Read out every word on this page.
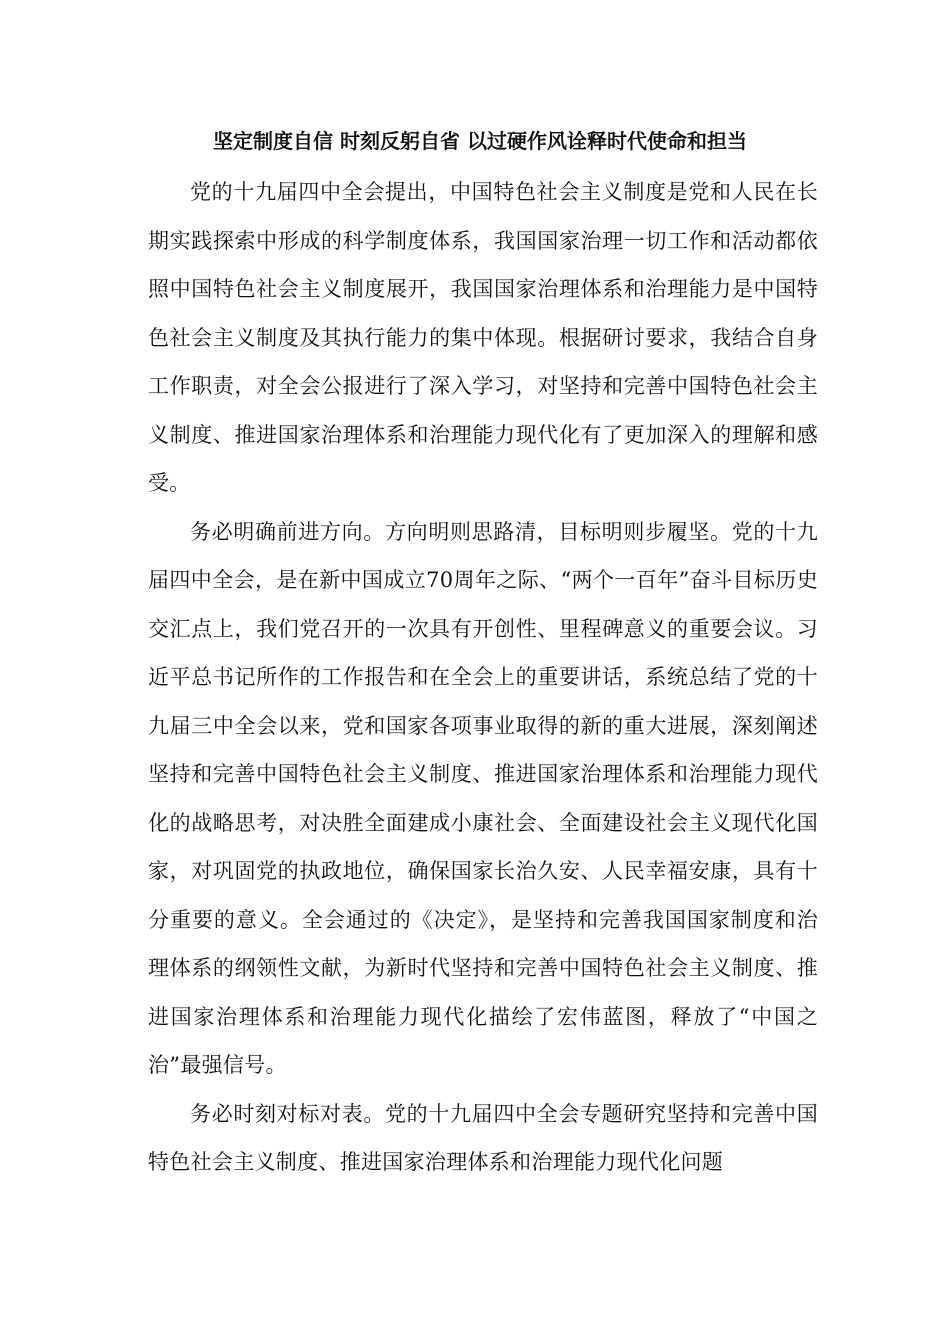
坚定制度自信 时刻反躬自省 以过硬作风诠释时代使命和担当

党的十九届四中全会提出，中国特色社会主义制度是党和人民在长期实践探索中形成的科学制度体系，我国国家治理一切工作和活动都依照中国特色社会主义制度展开，我国国家治理体系和治理能力是中国特色社会主义制度及其执行能力的集中体现。根据研讨要求，我结合自身工作职责，对全会公报进行了深入学习，对坚持和完善中国特色社会主义制度、推进国家治理体系和治理能力现代化有了更加深入的理解和感受。

务必明确前进方向。方向明则思路清，目标明则步履坚。党的十九届四中全会，是在新中国成立70周年之际、“两个一百年”奋斗目标历史交汇点上，我们党召开的一次具有开创性、里程碑意义的重要会议。习近平总书记所作的工作报告和在全会上的重要讲话，系统总结了党的十九届三中全会以来，党和国家各项事业取得的新的重大进展，深刻阐述坚持和完善中国特色社会主义制度、推进国家治理体系和治理能力现代化的战略思考，对决胜全面建成小康社会、全面建设社会主义现代化国家，对巩固党的执政地位，确保国家长治久安、人民幸福安康，具有十分重要的意义。全会通过的《决定》，是坚持和完善我国国家制度和治理体系的纲领性文献，为新时代坚持和完善中国特色社会主义制度、推进国家治理体系和治理能力现代化描绘了宏伟蓝图，释放了“中国之治”最强信号。

务必时刻对标对表。党的十九届四中全会专题研究坚持和完善中国特色社会主义制度、推进国家治理体系和治理能力现代化问题
